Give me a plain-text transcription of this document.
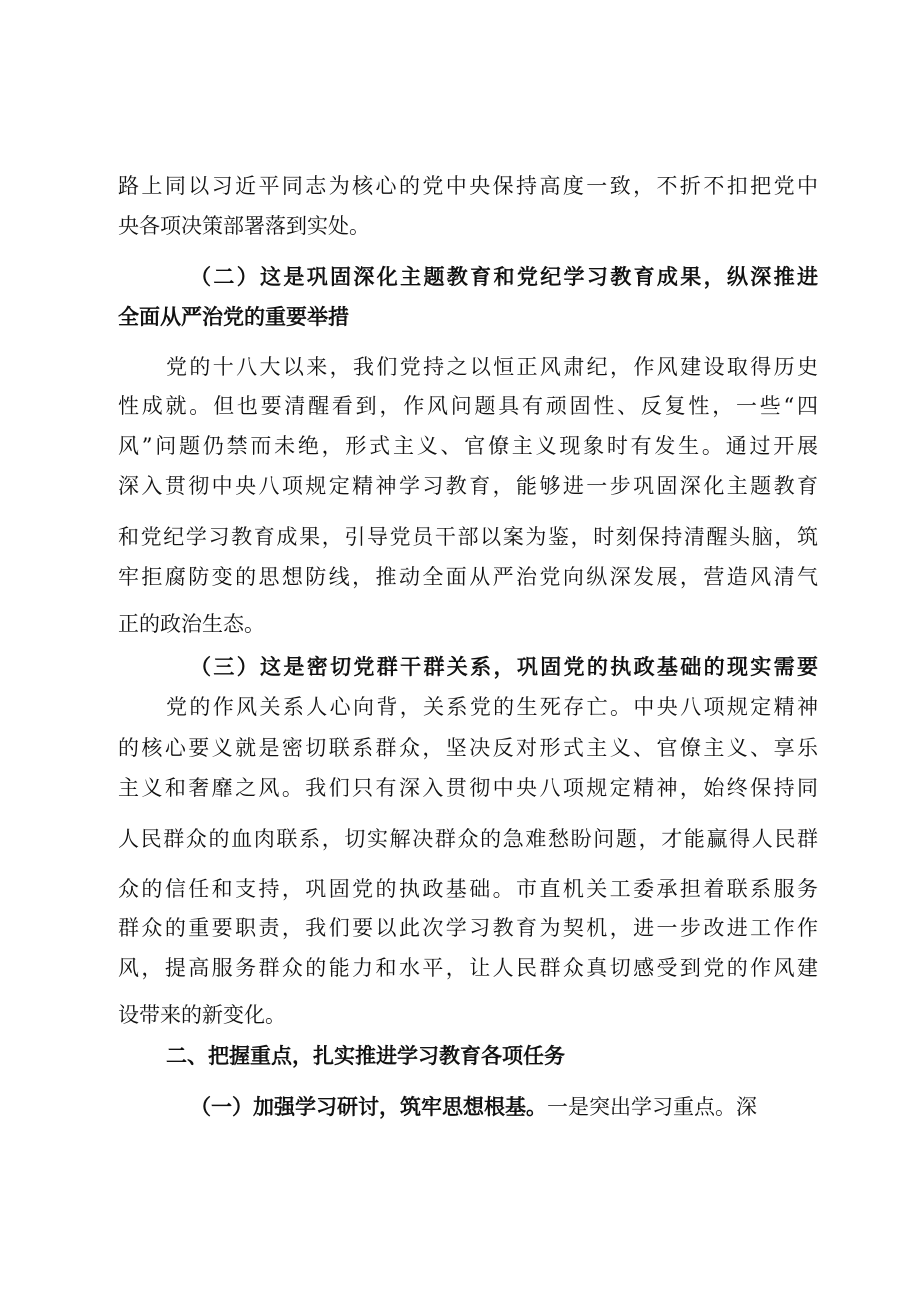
路上同以习近平同志为核心的党中央保持高度一致，不折不扣把党中
央各项决策部署落到实处。
（二）这是巩固深化主题教育和党纪学习教育成果，纵深推进
全面从严治党的重要举措
党的十八大以来，我们党持之以恒正风肃纪，作风建设取得历史
性成就。但也要清醒看到，作风问题具有顽固性、反复性，一些“四
风”问题仍禁而未绝，形式主义、官僚主义现象时有发生。通过开展
深入贯彻中央八项规定精神学习教育，能够进一步巩固深化主题教育
和党纪学习教育成果，引导党员干部以案为鉴，时刻保持清醒头脑，筑
牢拒腐防变的思想防线，推动全面从严治党向纵深发展，营造风清气
正的政治生态。
（三）这是密切党群干群关系，巩固党的执政基础的现实需要
党的作风关系人心向背，关系党的生死存亡。中央八项规定精神
的核心要义就是密切联系群众，坚决反对形式主义、官僚主义、享乐
主义和奢靡之风。我们只有深入贯彻中央八项规定精神，始终保持同
人民群众的血肉联系，切实解决群众的急难愁盼问题，才能赢得人民群
众的信任和支持，巩固党的执政基础。市直机关工委承担着联系服务
群众的重要职责，我们要以此次学习教育为契机，进一步改进工作作
风，提高服务群众的能力和水平，让人民群众真切感受到党的作风建
设带来的新变化。
二、把握重点，扎实推进学习教育各项任务
（一）加强学习研讨，筑牢思想根基。一是突出学习重点。深
